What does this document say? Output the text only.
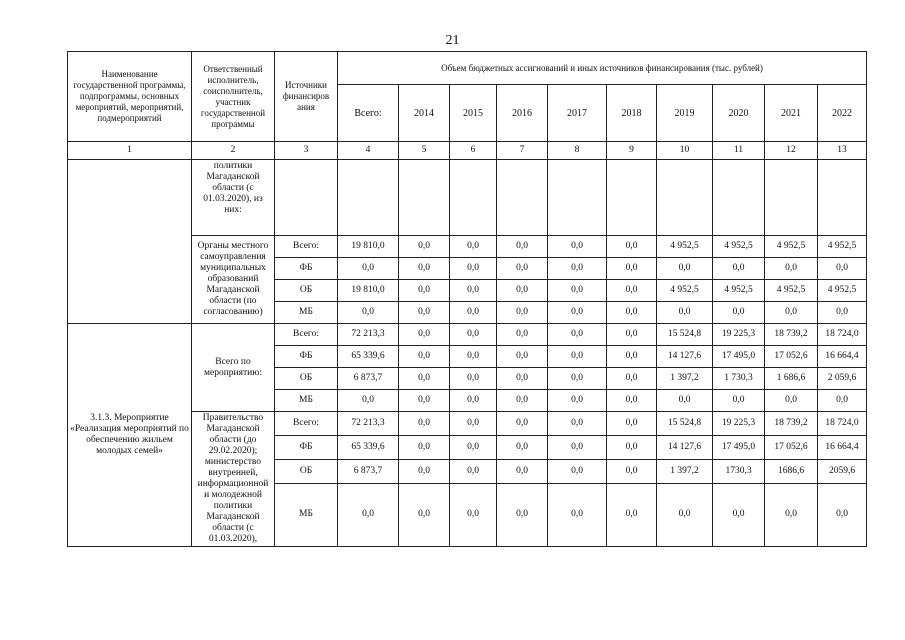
21
Наименование государственной программы, подпрограммы, основных мероприятий, мероприятий, подмероприятий	Ответственный исполнитель, соисполнитель, участник государственной программы	Источники финансиров ания	Объем бюджетных ассигнований и иных источников финансирования (тыс. рублей)									
			Всего:	2014	2015	2016	2017	2018	2019	2020	2021	2022
1	2	3	4	5	6	7	8	9	10	11	12	13
	политики Магаданской области (с 01.03.2020), из них:											
	Органы местного самоуправления муниципальных образований Магаданской области (по согласованию)	Всего:	19 810,0	0,0	0,0	0,0	0,0	0,0	4 952,5	4 952,5	4 952,5	4 952,5
		ФБ	0,0	0,0	0,0	0,0	0,0	0,0	0,0	0,0	0,0	0,0
		ОБ	19 810,0	0,0	0,0	0,0	0,0	0,0	4 952,5	4 952,5	4 952,5	4 952,5
		МБ	0,0	0,0	0,0	0,0	0,0	0,0	0,0	0,0	0,0	0,0
3.1.3. Мероприятие «Реализация мероприятий по обеспечению жильем молодых семей»	Всего по мероприятию:	Всего:	72 213,3	0,0	0,0	0,0	0,0	0,0	15 524,8	19 225,3	18 739,2	18 724,0
		ФБ	65 339,6	0,0	0,0	0,0	0,0	0,0	14 127,6	17 495,0	17 052,6	16 664,4
		ОБ	6 873,7	0,0	0,0	0,0	0,0	0,0	1 397,2	1 730,3	1 686,6	2 059,6
		МБ	0,0	0,0	0,0	0,0	0,0	0,0	0,0	0,0	0,0	0,0
	Правительство Магаданской области (до 29.02.2020); министерство внутренней, информационной и молодежной политики Магаданской области (с 01.03.2020),	Всего:	72 213,3	0,0	0,0	0,0	0,0	0,0	15 524,8	19 225,3	18 739,2	18 724,0
		ФБ	65 339,6	0,0	0,0	0,0	0,0	0,0	14 127,6	17 495,0	17 052,6	16 664,4
		ОБ	6 873,7	0,0	0,0	0,0	0,0	0,0	1 397,2	1730,3	1686,6	2059,6
		МБ	0,0	0,0	0,0	0,0	0,0	0,0	0,0	0,0	0,0	0,0
